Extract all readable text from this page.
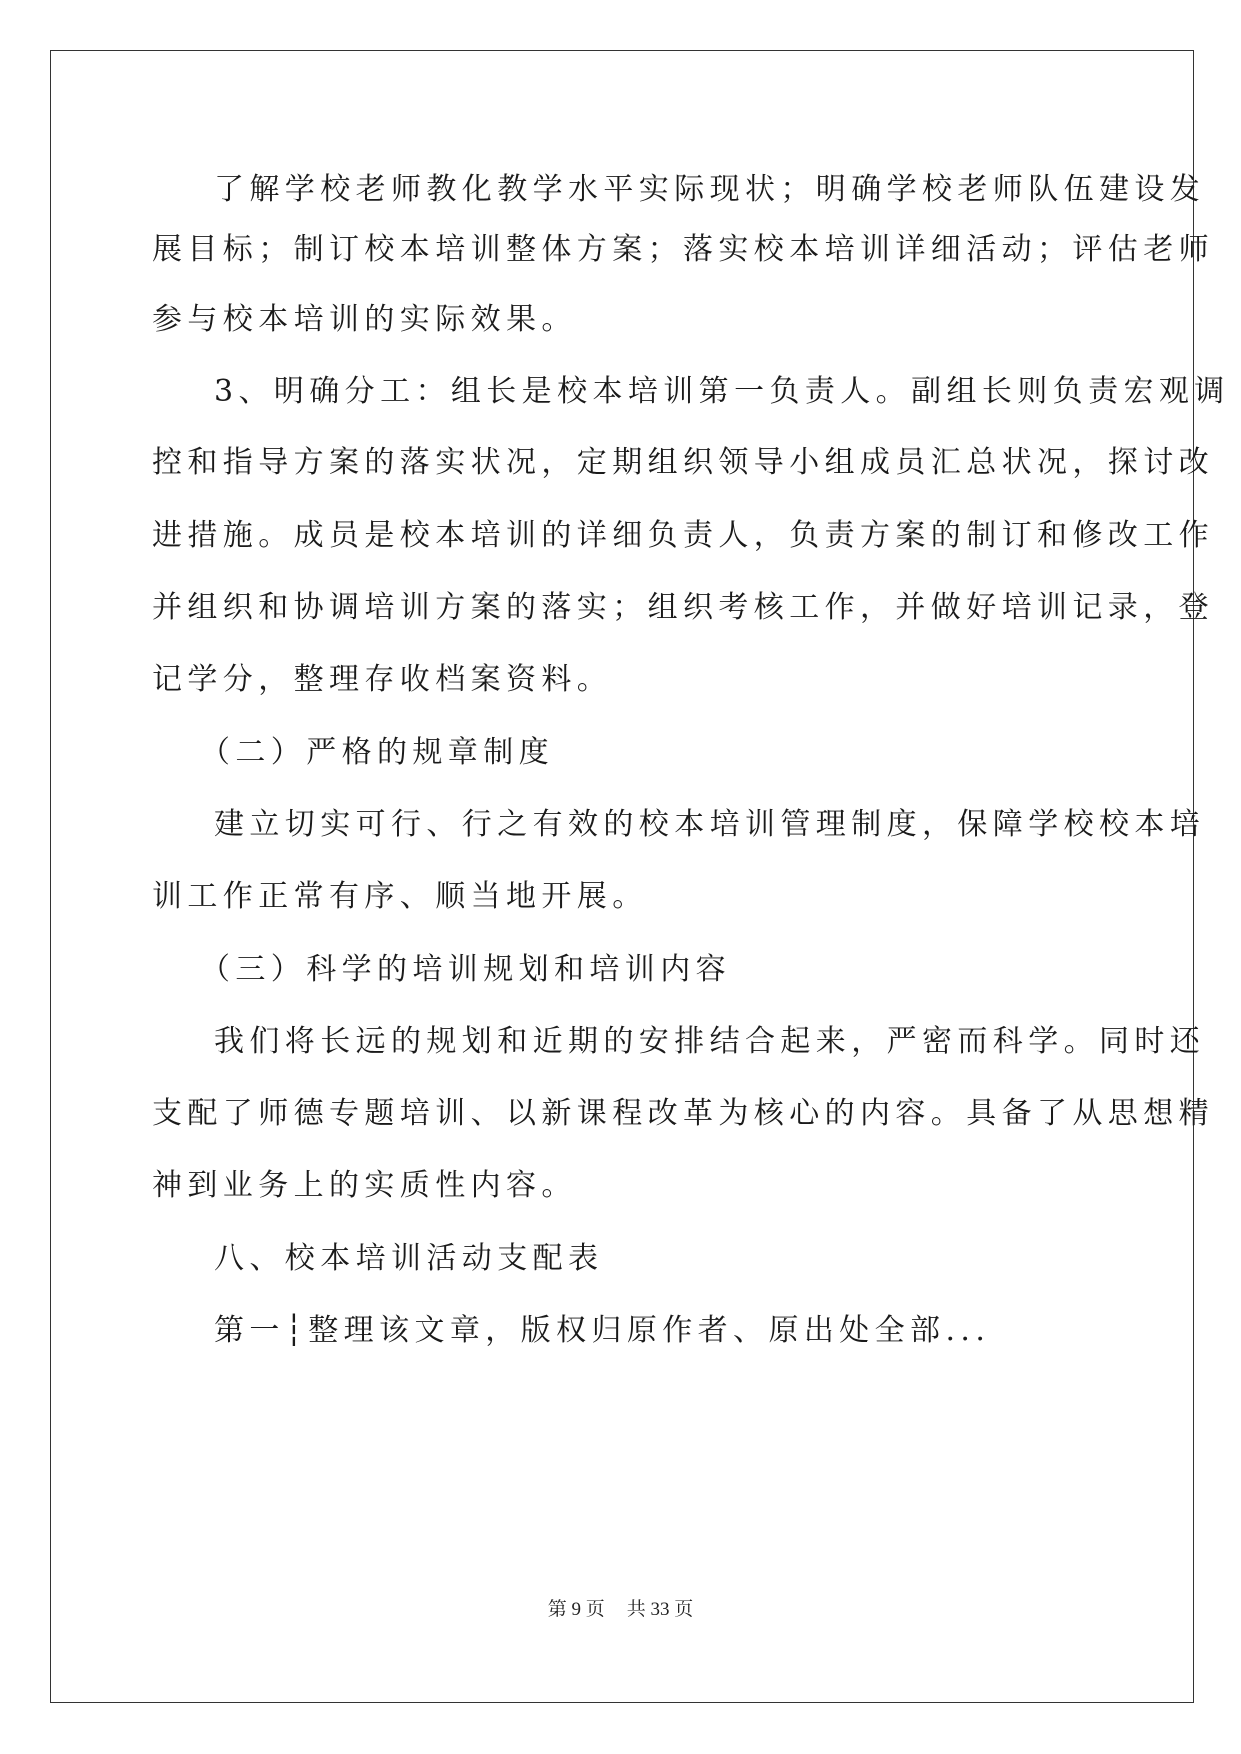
了解学校老师教化教学水平实际现状；明确学校老师队伍建设发
展目标；制订校本培训整体方案；落实校本培训详细活动；评估老师
参与校本培训的实际效果。
3、明确分工：组长是校本培训第一负责人。副组长则负责宏观调
控和指导方案的落实状况，定期组织领导小组成员汇总状况，探讨改
进措施。成员是校本培训的详细负责人，负责方案的制订和修改工作
并组织和协调培训方案的落实；组织考核工作，并做好培训记录，登
记学分，整理存收档案资料。
（二）严格的规章制度
建立切实可行、行之有效的校本培训管理制度，保障学校校本培
训工作正常有序、顺当地开展。
（三）科学的培训规划和培训内容
我们将长远的规划和近期的安排结合起来，严密而科学。同时还
支配了师德专题培训、以新课程改革为核心的内容。具备了从思想精
神到业务上的实质性内容。
八、校本培训活动支配表
第一┆整理该文章，版权归原作者、原出处全部...
第 9 页 共 33 页
